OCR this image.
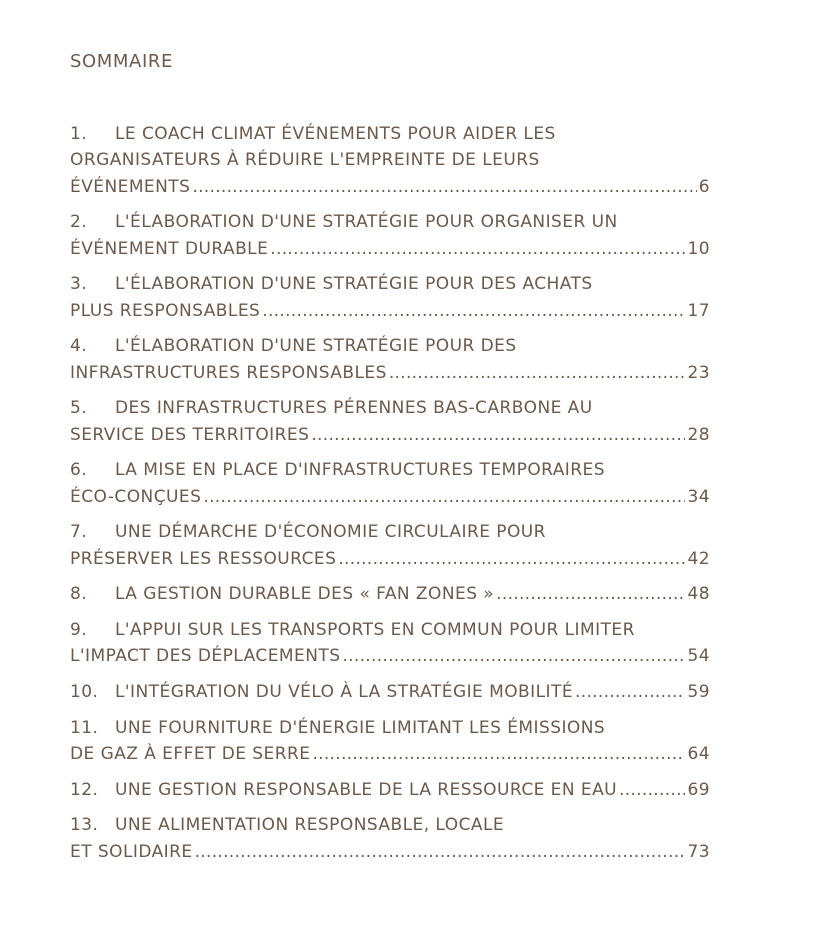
SOMMAIRE
1.	LE COACH CLIMAT ÉVÉNEMENTS POUR AIDER LES
ORGANISATEURS À RÉDUIRE L'EMPREINTE DE LEURS
ÉVÉNEMENTS .....	6
2.	L'ÉLABORATION D'UNE STRATÉGIE POUR ORGANISER UN
ÉVÉNEMENT DURABLE .....	10
3.	L'ÉLABORATION D'UNE STRATÉGIE POUR DES ACHATS
PLUS RESPONSABLES .....	17
4.	L'ÉLABORATION D'UNE STRATÉGIE POUR DES
INFRASTRUCTURES RESPONSABLES .....	23
5.	DES INFRASTRUCTURES PÉRENNES BAS-CARBONE AU
SERVICE DES TERRITOIRES .....	28
6.	LA MISE EN PLACE D'INFRASTRUCTURES TEMPORAIRES
ÉCO-CONÇUES .....	34
7.	UNE DÉMARCHE D'ÉCONOMIE CIRCULAIRE POUR
PRÉSERVER LES RESSOURCES .....	42
8.	LA GESTION DURABLE DES « FAN ZONES » .....	48
9.	L'APPUI SUR LES TRANSPORTS EN COMMUN POUR LIMITER
L'IMPACT DES DÉPLACEMENTS .....	54
10. L'INTÉGRATION DU VÉLO À LA STRATÉGIE MOBILITÉ .....	59
11. UNE FOURNITURE D'ÉNERGIE LIMITANT LES ÉMISSIONS
DE GAZ À EFFET DE SERRE .....	64
12. UNE GESTION RESPONSABLE DE LA RESSOURCE EN EAU .....	69
13. UNE ALIMENTATION RESPONSABLE, LOCALE
ET SOLIDAIRE .....	73
